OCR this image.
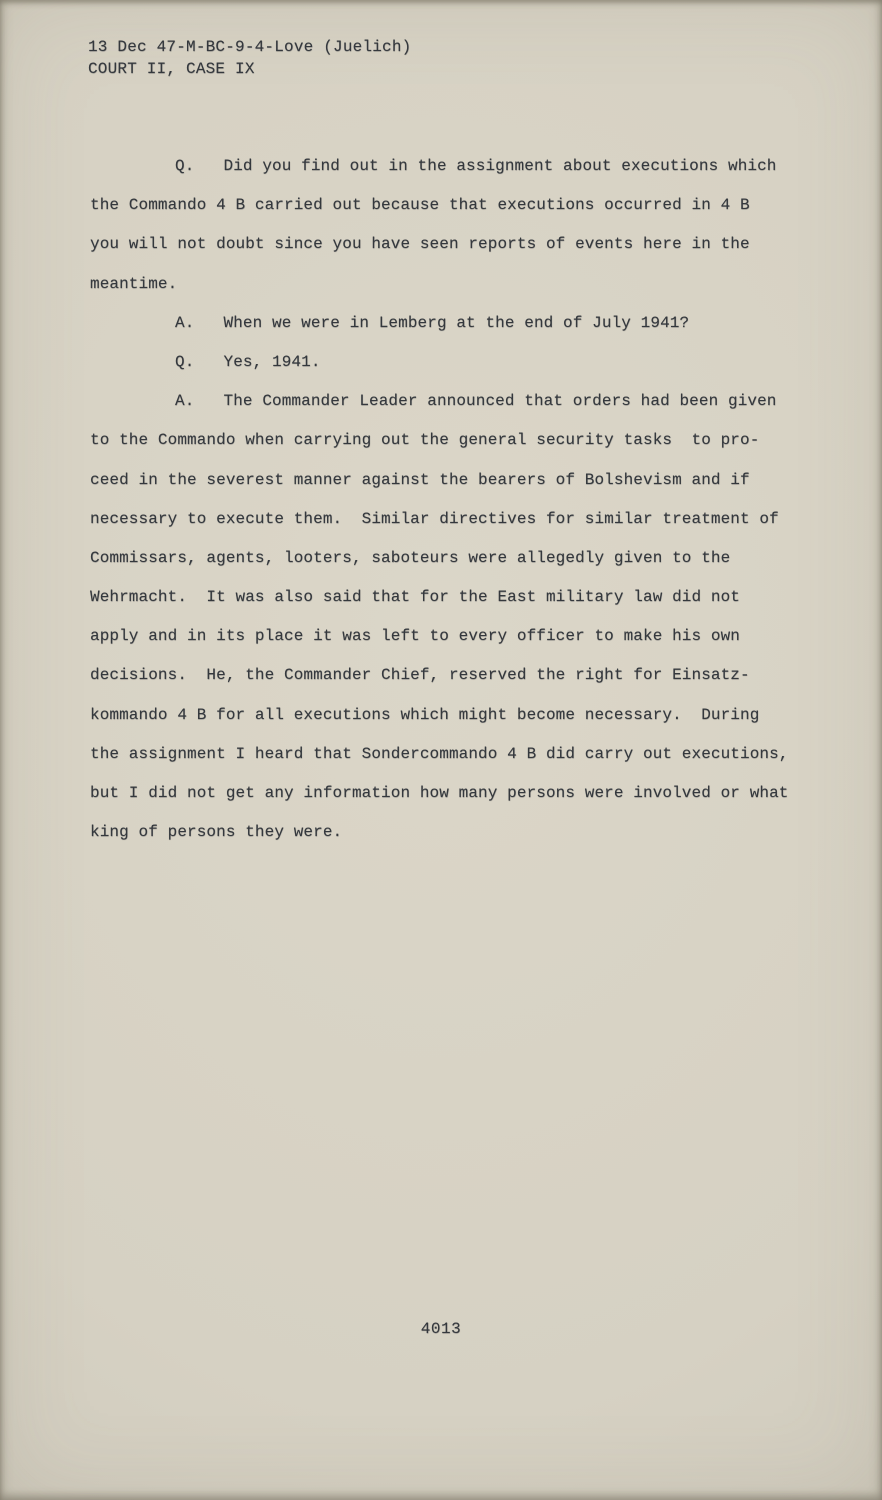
13 Dec 47-M-BC-9-4-Love (Juelich)
COURT II, CASE IX
Q.   Did you find out in the assignment about executions which
the Commando 4 B carried out because that executions occurred in 4 B
you will not doubt since you have seen reports of events here in the
meantime.
A.   When we were in Lemberg at the end of July 1941?
Q.   Yes, 1941.
A.   The Commander Leader announced that orders had been given
to the Commando when carrying out the general security tasks  to pro-
ceed in the severest manner against the bearers of Bolshevism and if
necessary to execute them.  Similar directives for similar treatment of
Commissars, agents, looters, saboteurs were allegedly given to the
Wehrmacht.  It was also said that for the East military law did not
apply and in its place it was left to every officer to make his own
decisions.  He, the Commander Chief, reserved the right for Einsatz-
kommando 4 B for all executions which might become necessary.  During
the assignment I heard that Sondercommando 4 B did carry out executions,
but I did not get any information how many persons were involved or what
king of persons they were.
4013
